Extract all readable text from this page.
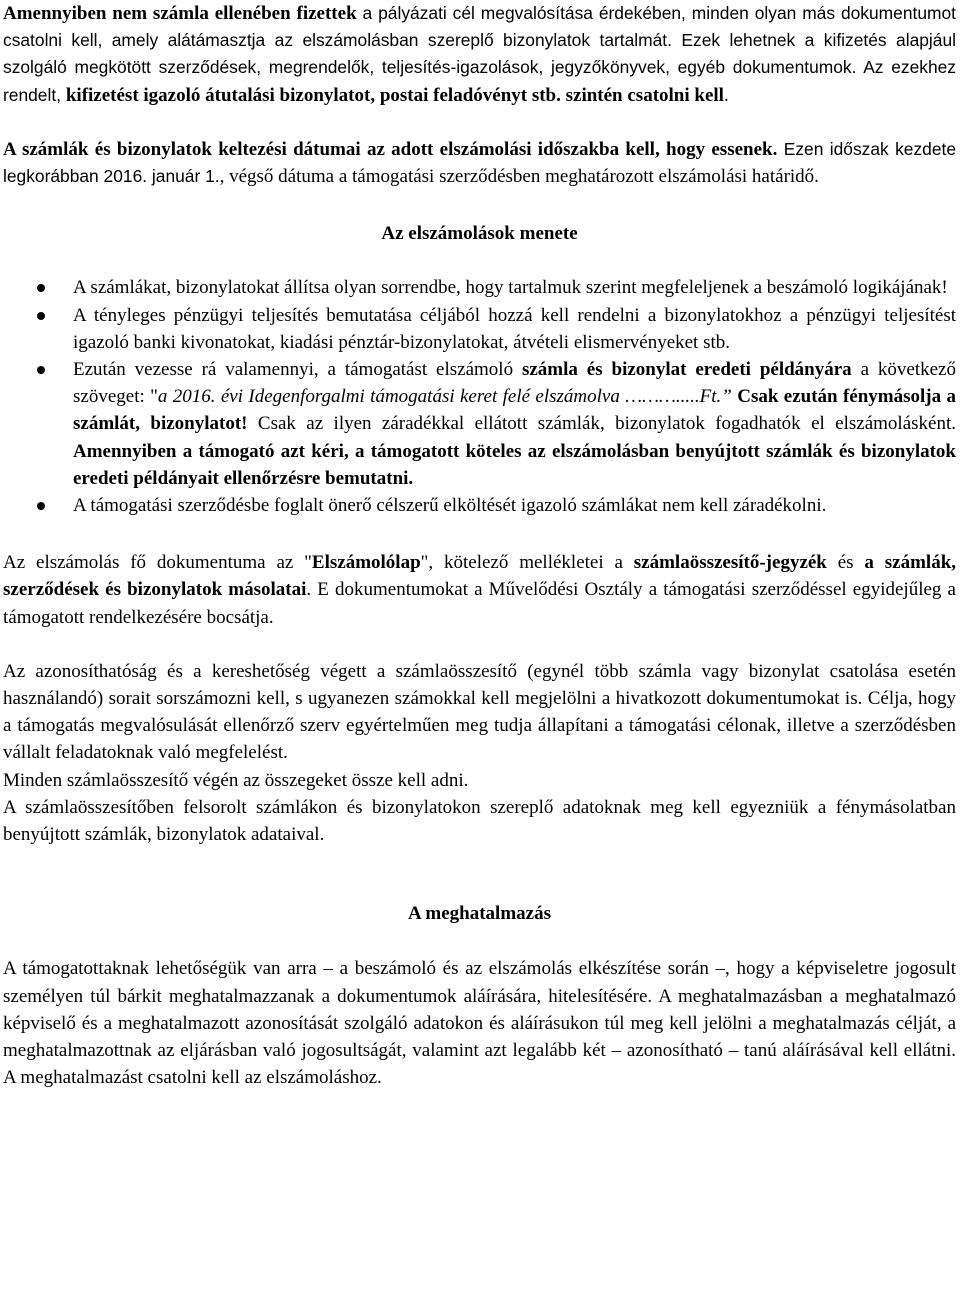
Amennyiben nem számla ellenében fizettek a pályázati cél megvalósítása érdekében, minden olyan más dokumentumot csatolni kell, amely alátámasztja az elszámolásban szereplő bizonylatok tartalmát. Ezek lehetnek a kifizetés alapjául szolgáló megkötött szerződések, megrendelők, teljesítés-igazolások, jegyzőkönyvek, egyéb dokumentumok. Az ezekhez rendelt, kifizetést igazoló átutalási bizonylatot, postai feladóvényt stb. szintén csatolni kell.

A számlák és bizonylatok keltezési dátumai az adott elszámolási időszakba kell, hogy essenek. Ezen időszak kezdete legkorábban 2016. január 1., végső dátuma a támogatási szerződésben meghatározott elszámolási határidő.

Az elszámolások menete
A számlákat, bizonylatokat állítsa olyan sorrendbe, hogy tartalmuk szerint megfeleljenek a beszámoló logikájának!
A tényleges pénzügyi teljesítés bemutatása céljából hozzá kell rendelni a bizonylatokhoz a pénzügyi teljesítést igazoló banki kivonatokat, kiadási pénztár-bizonylatokat, átvételi elismervényeket stb.
Ezután vezesse rá valamennyi, a támogatást elszámoló számla és bizonylat eredeti példányára a következő szöveget: "a 2016. évi Idegenforgalmi támogatási keret felé elszámolva ……….....Ft.” Csak ezután fénymásolja a számlát, bizonylatot! Csak az ilyen záradékkal ellátott számlák, bizonylatok fogadhatók el elszámolásként. Amennyiben a támogató azt kéri, a támogatott köteles az elszámolásban benyújtott számlák és bizonylatok eredeti példányait ellenőrzésre bemutatni.
A támogatási szerződésbe foglalt önerő célszerű elköltését igazoló számlákat nem kell záradékolni.

Az elszámolás fő dokumentuma az "Elszámolólap", kötelező mellékletei a számlaösszesítő-jegyzék és a számlák, szerződések és bizonylatok másolatai. E dokumentumokat a Művelődési Osztály a támogatási szerződéssel egyidejűleg a támogatott rendelkezésére bocsátja.

Az azonosíthatóság és a kereshetőség végett a számlaösszesítő (egynél több számla vagy bizonylat csatolása esetén használandó) sorait sorszámozni kell, s ugyanezen számokkal kell megjelölni a hivatkozott dokumentumokat is. Célja, hogy a támogatás megvalósulását ellenőrző szerv egyértelműen meg tudja állapítani a támogatási célonak, illetve a szerződésben vállalt feladatoknak való megfelelést.

Minden számlaösszesítő végén az összegeket össze kell adni.

A számlaösszesítőben felsorolt számlákon és bizonylatokon szereplő adatoknak meg kell egyezniük a fénymásolatban benyújtott számlák, bizonylatok adataival.

A meghatalmazás

A támogatottaknak lehetőségük van arra – a beszámoló és az elszámolás elkészítése során –, hogy a képviseletre jogosult személyen túl bárkit meghatalmazzanak a dokumentumok aláírására, hitelesítésére. A meghatalmazásban a meghatalmazó képviselő és a meghatalmazott azonosítását szolgáló adatokon és aláírásukon túl meg kell jelölni a meghatalmazás célját, a meghatalmazottnak az eljárásban való jogosultságát, valamint azt legalább két – azonosítható – tanú aláírásával kell ellátni. A meghatalmazást csatolni kell az elszámoláshoz.
